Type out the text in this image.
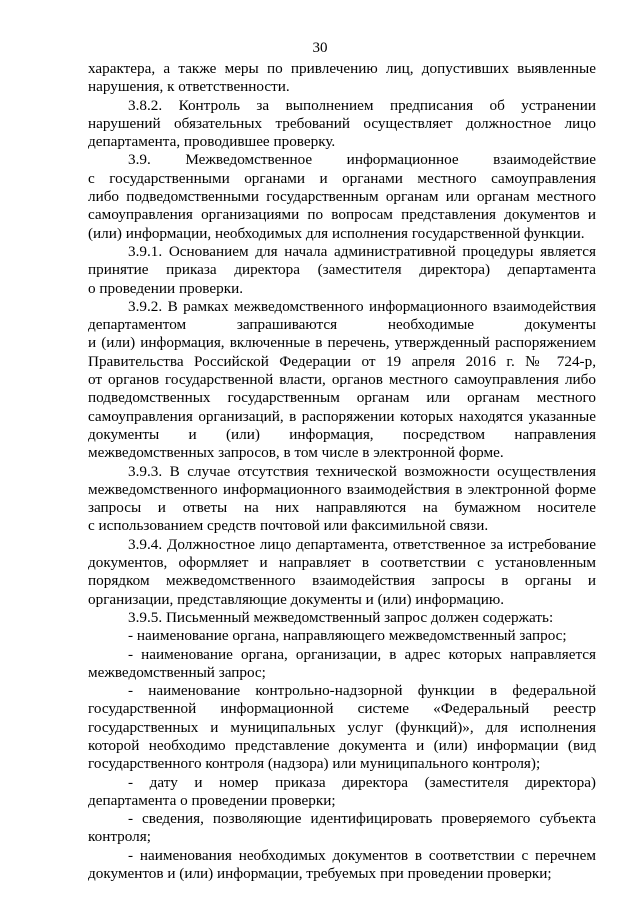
30
характера, а также меры по привлечению лиц, допустивших выявленные
нарушения, к ответственности.
3.8.2. Контроль за выполнением предписания об устранении
нарушений обязательных требований осуществляет должностное лицо
департамента, проводившее проверку.
3.9. Межведомственное информационное взаимодействие
с государственными органами и органами местного самоуправления
либо подведомственными государственным органам или органам местного
самоуправления организациями по вопросам представления документов и
(или) информации, необходимых для исполнения государственной функции.
3.9.1. Основанием для начала административной процедуры является
принятие приказа директора (заместителя директора) департамента
о проведении проверки.
3.9.2. В рамках межведомственного информационного взаимодействия
департаментом запрашиваются необходимые документы
и (или) информация, включенные в перечень, утвержденный распоряжением
Правительства Российской Федерации от 19 апреля 2016 г. № 724-р,
от органов государственной власти, органов местного самоуправления либо
подведомственных государственным органам или органам местного
самоуправления организаций, в распоряжении которых находятся указанные
документы и (или) информация, посредством направления
межведомственных запросов, в том числе в электронной форме.
3.9.3. В случае отсутствия технической возможности осуществления
межведомственного информационного взаимодействия в электронной форме
запросы и ответы на них направляются на бумажном носителе
с использованием средств почтовой или факсимильной связи.
3.9.4. Должностное лицо департамента, ответственное за истребование
документов, оформляет и направляет в соответствии с установленным
порядком межведомственного взаимодействия запросы в органы и
организации, представляющие документы и (или) информацию.
3.9.5. Письменный межведомственный запрос должен содержать:
- наименование органа, направляющего межведомственный запрос;
- наименование органа, организации, в адрес которых направляется
межведомственный запрос;
- наименование контрольно-надзорной функции в федеральной
государственной информационной системе «Федеральный реестр
государственных и муниципальных услуг (функций)», для исполнения
которой необходимо представление документа и (или) информации (вид
государственного контроля (надзора) или муниципального контроля);
- дату и номер приказа директора (заместителя директора)
департамента о проведении проверки;
- сведения, позволяющие идентифицировать проверяемого субъекта
контроля;
- наименования необходимых документов в соответствии с перечнем
документов и (или) информации, требуемых при проведении проверки;
